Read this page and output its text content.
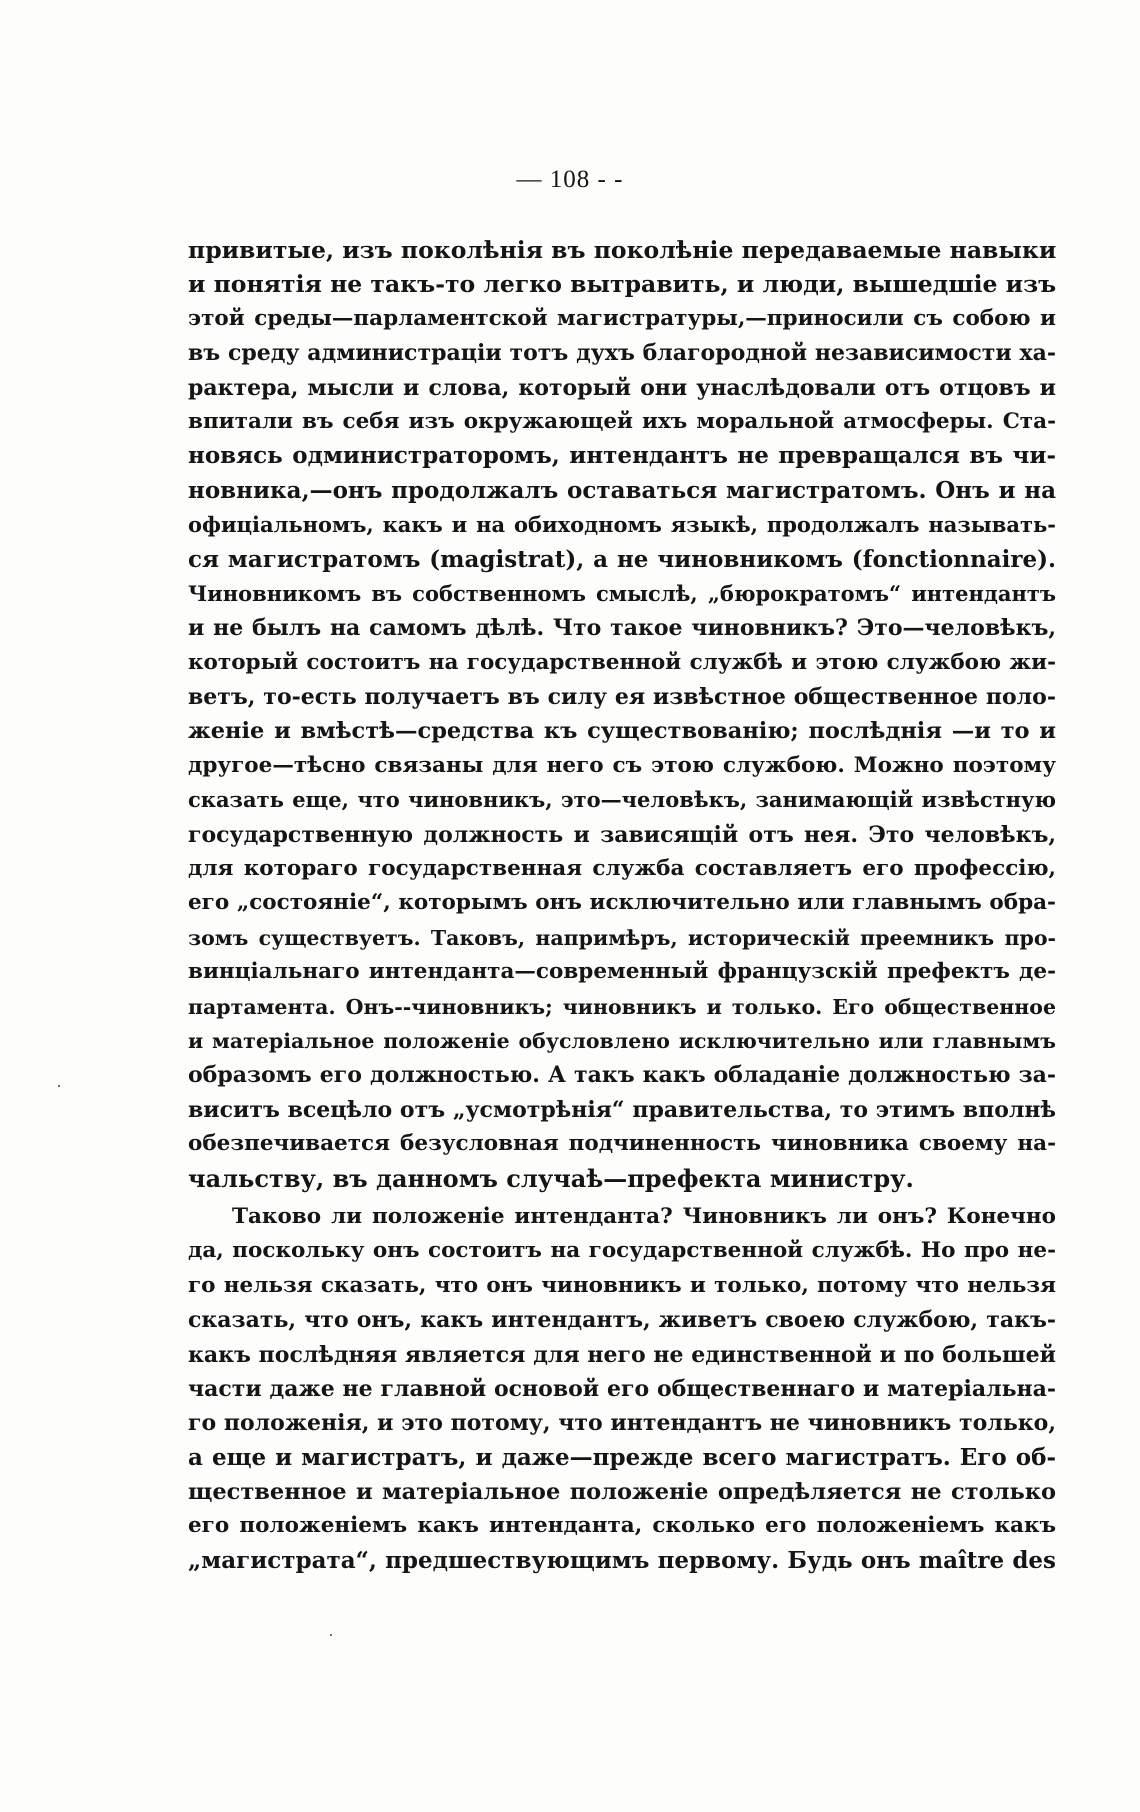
— 108 - -
привитые, изъ поколѣнія въ поколѣніе передаваемые навыки
и понятія не такъ-то легко вытравить, и люди, вышедшіе изъ
этой среды—парламентской магистратуры,—приносили съ собою и
въ среду администраціи тотъ духъ благородной независимости ха-
рактера, мысли и слова, который они унаслѣдовали отъ отцовъ и
впитали въ себя изъ окружающей ихъ моральной атмосферы. Ста-
новясь одминистраторомъ, интендантъ не превращался въ чи-
новника,—онъ продолжалъ оставаться магистратомъ. Онъ и на
офиціальномъ, какъ и на обиходномъ языкѣ, продолжалъ называть-
ся магистратомъ (magistrat), а не чиновникомъ (fonctionnaire).
Чиновникомъ въ собственномъ смыслѣ, „бюрократомъ“ интендантъ
и не былъ на самомъ дѣлѣ. Что такое чиновникъ? Это—человѣкъ,
который состоитъ на государственной службѣ и этою службою жи-
ветъ, то-есть получаетъ въ силу ея извѣстное общественное поло-
женіе и вмѣстѣ—средства къ существованію; послѣднія —и то и
другое—тѣсно связаны для него съ этою службою. Можно поэтому
сказать еще, что чиновникъ, это—человѣкъ, занимающій извѣстную
государственную должность и зависящій отъ нея. Это человѣкъ,
для котораго государственная служба составляетъ его профессію,
его „состояніе“, которымъ онъ исключительно или главнымъ обра-
зомъ существуетъ. Таковъ, напримѣръ, историческій преемникъ про-
винціальнаго интенданта—современный французскій префектъ де-
партамента. Онъ--чиновникъ; чиновникъ и только. Его общественное
и матеріальное положеніе обусловлено исключительно или главнымъ
образомъ его должностью. А такъ какъ обладаніе должностью за-
виситъ всецѣло отъ „усмотрѣнія“ правительства, то этимъ вполнѣ
обезпечивается безусловная подчиненность чиновника своему на-
чальству, въ данномъ случаѣ—префекта министру.
Таково ли положеніе интенданта? Чиновникъ ли онъ? Конечно
да, поскольку онъ состоитъ на государственной службѣ. Но про не-
го нельзя сказать, что онъ чиновникъ и только, потому что нельзя
сказать, что онъ, какъ интендантъ, живетъ своею службою, такъ-
какъ послѣдняя является для него не единственной и по большей
части даже не главной основой его общественнаго и матеріальна-
го положенія, и это потому, что интендантъ не чиновникъ только,
а еще и магистратъ, и даже—прежде всего магистратъ. Его об-
щественное и матеріальное положеніе опредѣляется не столько
его положеніемъ какъ интенданта, сколько его положеніемъ какъ
„магистрата“, предшествующимъ первому. Будь онъ maître des
